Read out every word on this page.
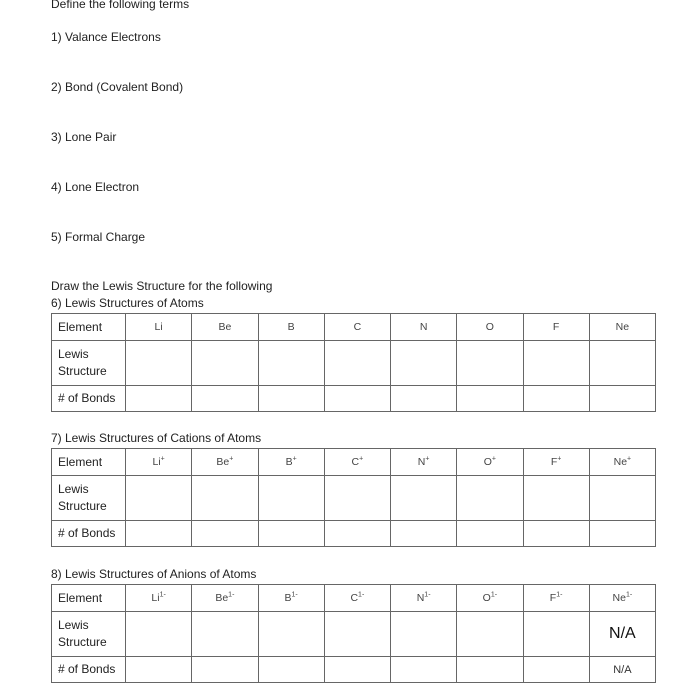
Define the following terms
1) Valance Electrons
2) Bond (Covalent Bond)
3) Lone Pair
4) Lone Electron
5) Formal Charge
Draw the Lewis Structure for the following
6) Lewis Structures of Atoms
Element	Li	Be	B	C	N	O	F	Ne
Lewis Structure								
# of Bonds								
7) Lewis Structures of Cations of Atoms
Element	Li+	Be+	B+	C+	N+	O+	F+	Ne+
Lewis Structure								
# of Bonds								
8) Lewis Structures of Anions of Atoms
Element	$Li^{1-}$	$Be^{1-}$	$B^{1-}$	$C^{1-}$	$N^{1-}$	$O^{1-}$	$F^{1-}$	$Ne^{1-}$
Lewis Structure								N/A
# of Bonds								N/A
